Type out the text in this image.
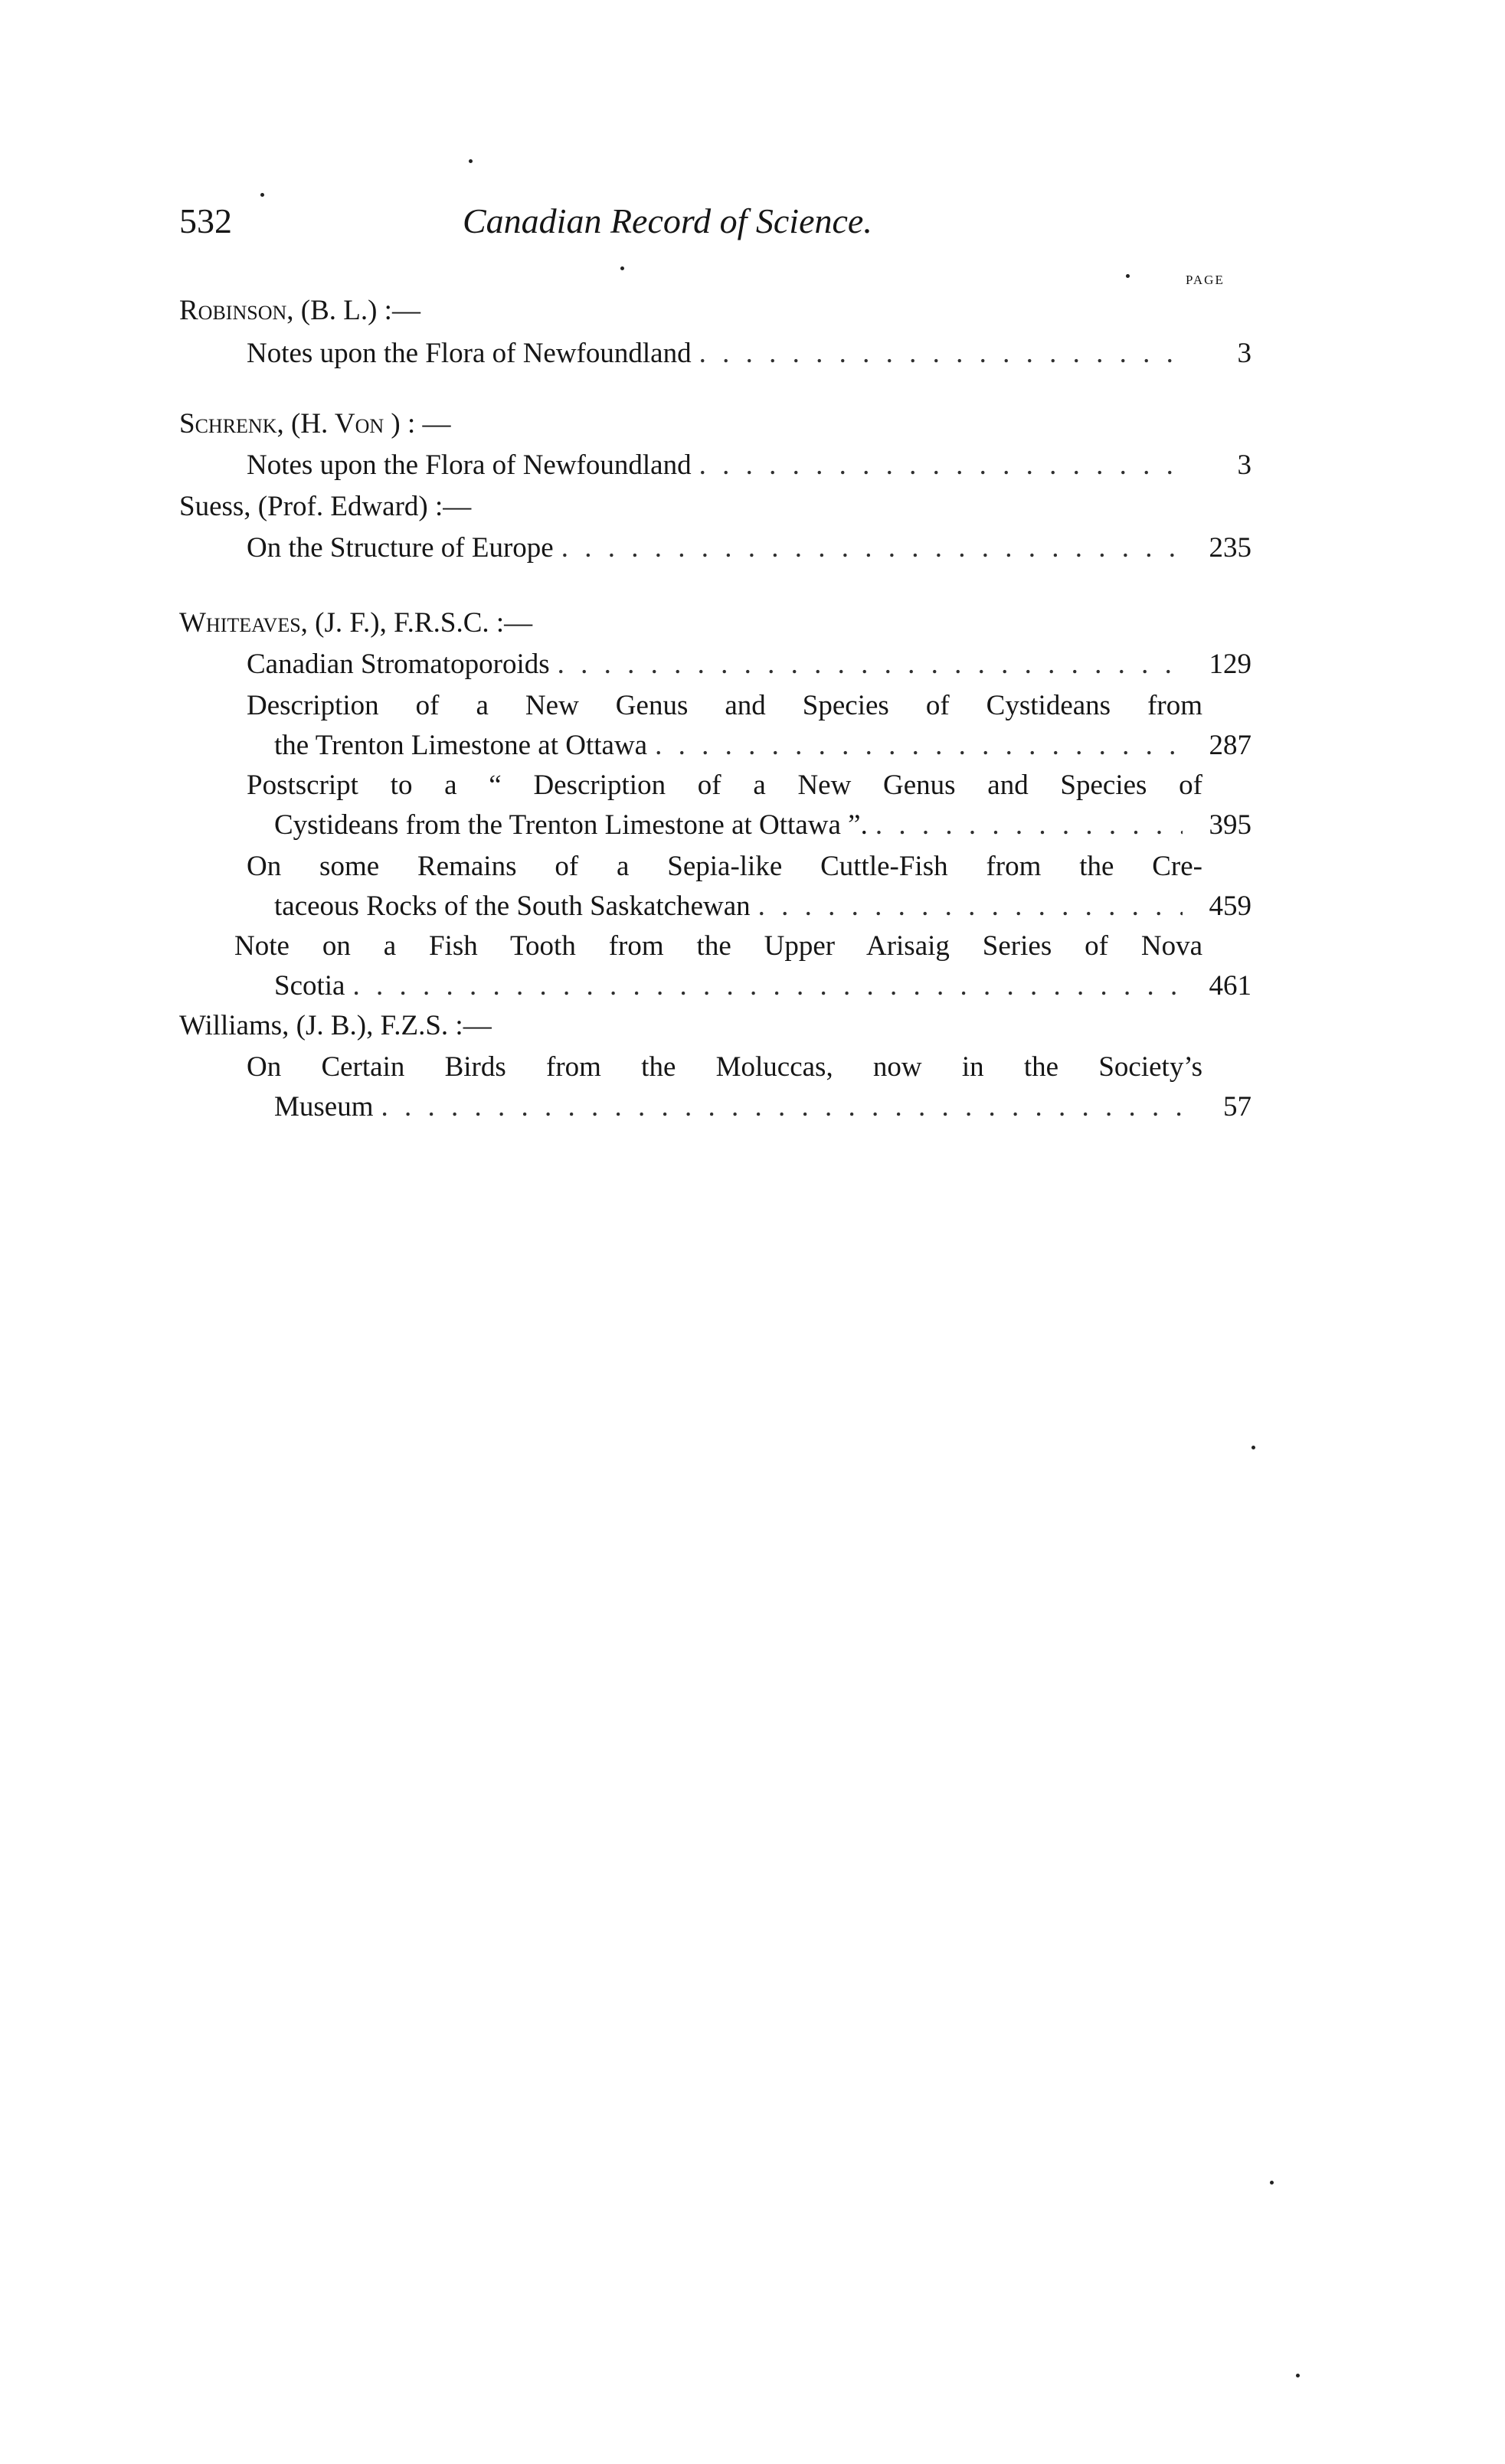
532	Canadian Record of Science.
PAGE
Robinson, (B. L.) :—
Notes upon the Flora of Newfoundland . . .	3
Schrenk, (H. Von ) : —
Notes upon the Flora of Newfoundland . . .	3
Suess, (Prof. Edward) :—
On the Structure of Europe . . .	235
Whiteaves, (J. F.), F.R.S.C. :—
Canadian Stromatoporoids . . .	129
Description of a New Genus and Species of Cystideans from
the Trenton Limestone at Ottawa . . .	287
Postscript to a “ Description of a New Genus and Species of
Cystideans from the Trenton Limestone at Ottawa ”. . . .	395
On some Remains of a Sepia-like Cuttle-Fish from the Cre-
taceous Rocks of the South Saskatchewan . . .	459
Note on a Fish Tooth from the Upper Arisaig Series of Nova
Scotia . . .	461
Williams, (J. B.), F.Z.S. :—
On Certain Birds from the Moluccas, now in the Society’s
Museum . . .	57
